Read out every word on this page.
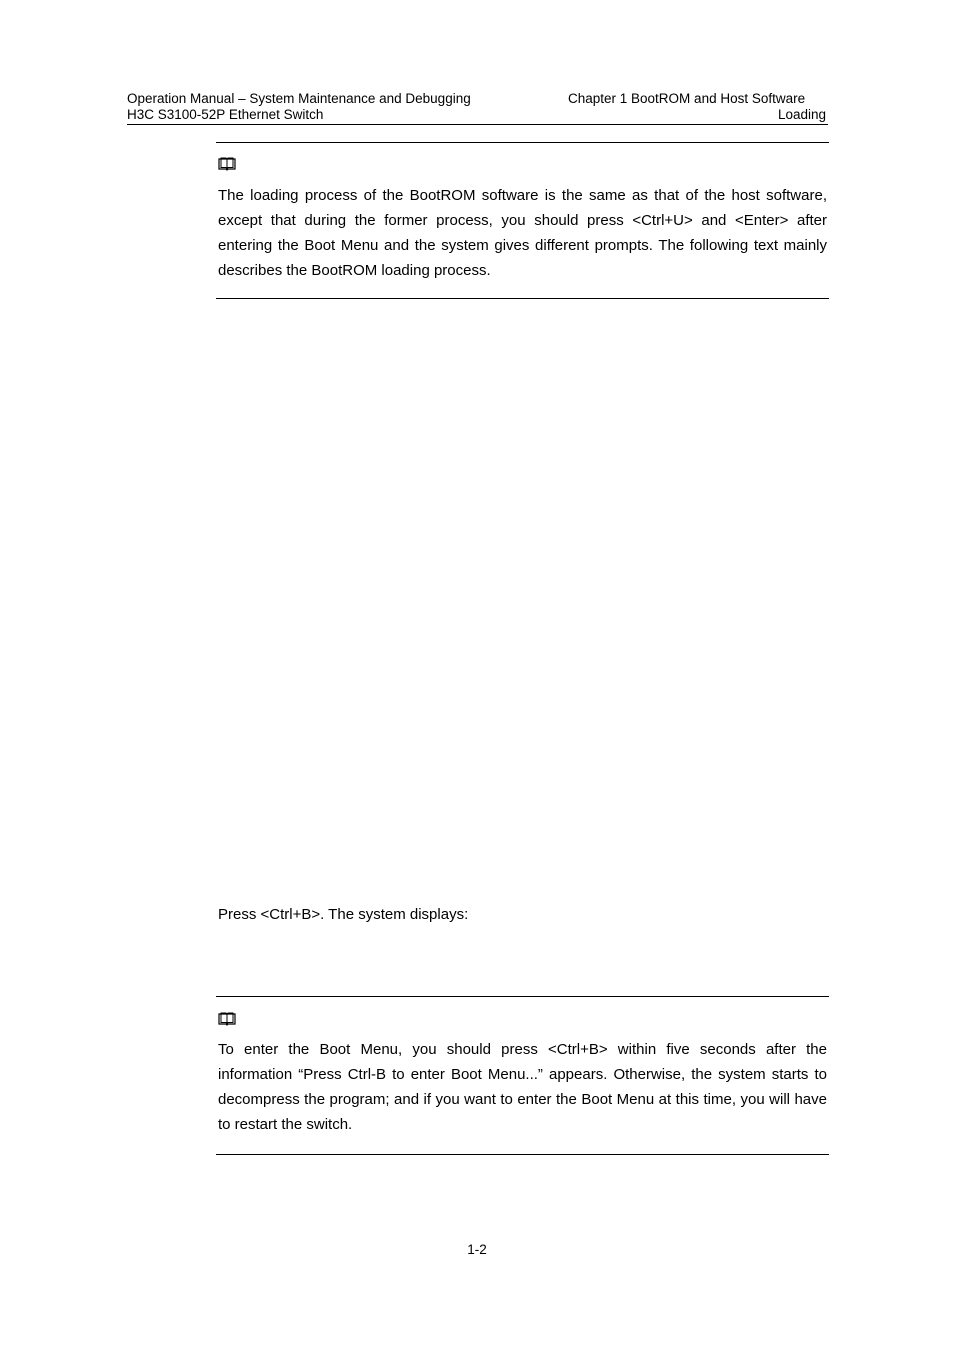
Operation Manual – System Maintenance and Debugging
H3C S3100-52P Ethernet Switch
Chapter 1 BootROM and Host Software
Loading
The loading process of the BootROM software is the same as that of the host software, except that during the former process, you should press <Ctrl+U> and <Enter> after entering the Boot Menu and the system gives different prompts. The following text mainly describes the BootROM loading process.
Press <Ctrl+B>. The system displays:
To enter the Boot Menu, you should press <Ctrl+B> within five seconds after the information “Press Ctrl-B to enter Boot Menu...” appears. Otherwise, the system starts to decompress the program; and if you want to enter the Boot Menu at this time, you will have to restart the switch.
1-2
